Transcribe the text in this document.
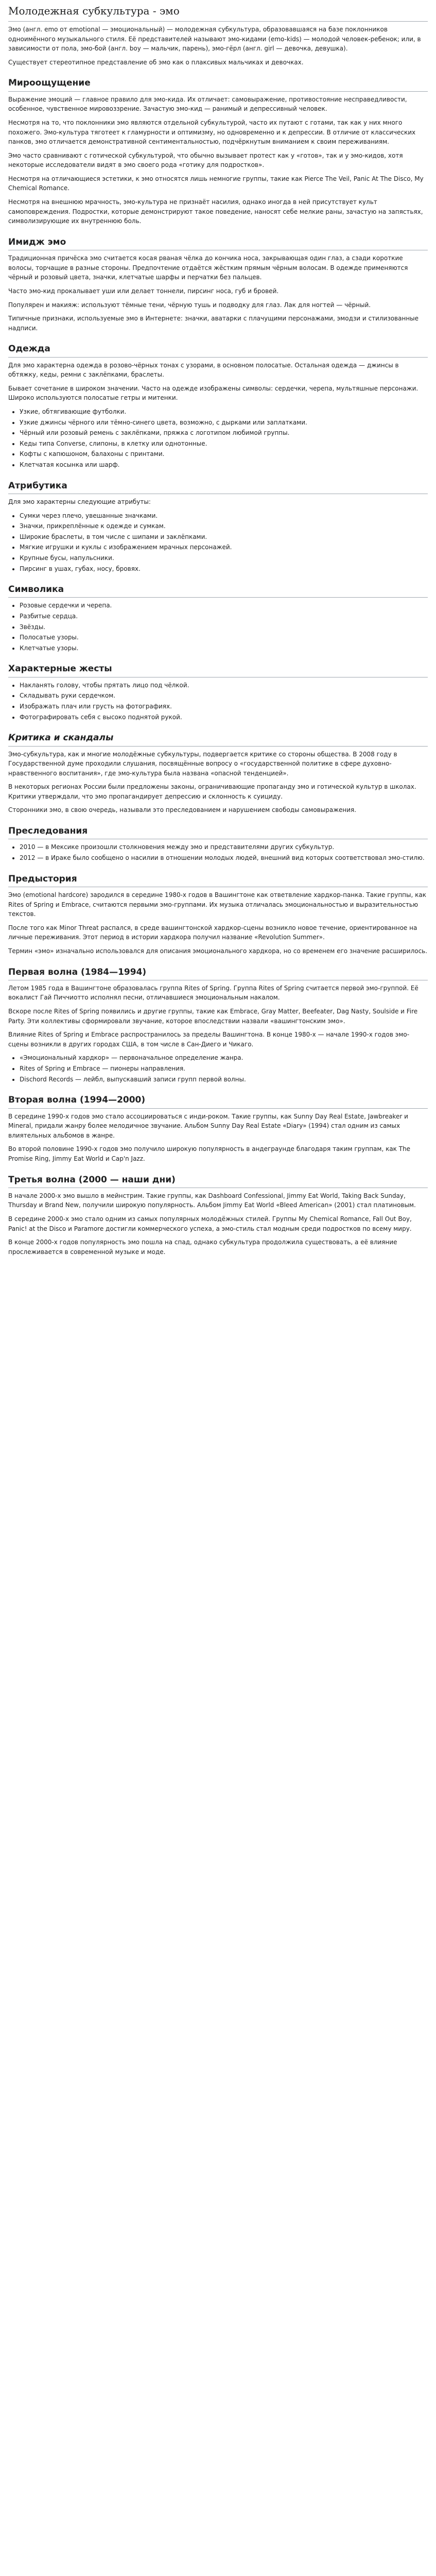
Молодежная субкультура - эмо

Эмо (англ. emo от emotional — эмоциональный) — молодежная субкультура, образовавшаяся на базе поклонников одноимённого музыкального стиля. Её представителей называют эмо-кидами (emo-kids) — молодой человек-ребенок; или, в зависимости от пола, эмо-бой (англ. boy — мальчик, парень), эмо-гёрл (англ. girl — девочка, девушка).

Существует стереотипное представление об эмо как о плаксивых мальчиках и девочках.

Мироощущение

Выражение эмоций — главное правило для эмо-кида. Их отличает: самовыражение, противостояние несправедливости, особенное, чувственное мировоззрение. Зачастую эмо-кид — ранимый и депрессивный человек.

Несмотря на то, что поклонники эмо являются отдельной субкультурой, часто их путают с готами, так как у них много похожего. Эмо-культура тяготеет к гламурности и оптимизму, но одновременно и к депрессии. В отличие от классических панков, эмо отличается демонстративной сентиментальностью, подчёркнутым вниманием к своим переживаниям.

Эмо часто сравнивают с готической субкультурой, что обычно вызывает протест как у «готов», так и у эмо-кидов, хотя некоторые исследователи видят в эмо своего рода «готику для подростков».

Несмотря на отличающиеся эстетики, к эмо относятся лишь немногие группы, такие как Pierce The Veil, Panic At The Disco, My Chemical Romance.

Несмотря на внешнюю мрачность, эмо-культура не признаёт насилия, однако иногда в ней присутствует культ самоповреждения. Подростки, которые демонстрируют такое поведение, наносят себе мелкие раны, зачастую на запястьях, символизирующие их внутреннюю боль.

Имидж эмо

Традиционная причёска эмо считается косая рваная чёлка до кончика носа, закрывающая один глаз, а сзади короткие волосы, торчащие в разные стороны. Предпочтение отдаётся жёстким прямым чёрным волосам. В одежде применяются чёрный и розовый цвета, значки, клетчатые шарфы и перчатки без пальцев.

Часто эмо-кид прокалывает уши или делает тоннели, пирсинг носа, губ и бровей.

Популярен и макияж: используют тёмные тени, чёрную тушь и подводку для глаз. Лак для ногтей — чёрный.

Типичные признаки, используемые эмо в Интернете: значки, аватарки с плачущими персонажами, эмодзи и стилизованные надписи.

Одежда

Для эмо характерна одежда в розово-чёрных тонах с узорами, в основном полосатые. Остальная одежда — джинсы в обтяжку, кеды, ремни с заклёпками, браслеты.

Бывает сочетание в широком значении. Часто на одежде изображены символы: сердечки, черепа, мультяшные персонажи. Широко используются полосатые гетры и митенки.

• Узкие, обтягивающие футболки.
• Узкие джинсы чёрного или тёмно-синего цвета, возможно, с дырками или заплатками.
• Чёрный или розовый ремень с заклёпками, пряжка с логотипом любимой группы.
• Кеды типа Converse, слипоны, в клетку или однотонные.
• Кофты с капюшоном, балахоны с принтами.
• Клетчатая косынка или шарф.
Атрибутика

Для эмо характерны следующие атрибуты:

• Сумки через плечо, увешанные значками.
• Значки, прикреплённые к одежде и сумкам.
• Широкие браслеты, в том числе с шипами и заклёпками.
• Мягкие игрушки и куклы с изображением мрачных персонажей.
• Крупные бусы, напульсники.
• Пирсинг в ушах, губах, носу, бровях.
Символика
• Розовые сердечки и черепа.
• Разбитые сердца.
• Звёзды.
• Полосатые узоры.
• Клетчатые узоры.
Характерные жесты
• Накланять голову, чтобы прятать лицо под чёлкой.
• Складывать руки сердечком.
• Изображать плач или грусть на фотографиях.
• Фотографировать себя с высоко поднятой рукой.
Критика и скандалы

Эмо-субкультура, как и многие молодёжные субкультуры, подвергается критике со стороны общества. В 2008 году в Государственной думе проходили слушания, посвящённые вопросу о «государственной политике в сфере духовно-нравственного воспитания», где эмо-культура была названа «опасной тенденцией».

В некоторых регионах России были предложены законы, ограничивающие пропаганду эмо и готической культур в школах. Критики утверждали, что эмо пропагандирует депрессию и склонность к суициду.

Сторонники эмо, в свою очередь, называли это преследованием и нарушением свободы самовыражения.

Преследования
• 2010 — в Мексике произошли столкновения между эмо и представителями других субкультур.
• 2012 — в Ираке было сообщено о насилии в отношении молодых людей, внешний вид которых соответствовал эмо-стилю.
Предыстория

Эмо (emotional hardcore) зародился в середине 1980-х годов в Вашингтоне как ответвление хардкор-панка. Такие группы, как Rites of Spring и Embrace, считаются первыми эмо-группами. Их музыка отличалась эмоциональностью и выразительностью текстов.

После того как Minor Threat распался, в среде вашингтонской хардкор-сцены возникло новое течение, ориентированное на личные переживания. Этот период в истории хардкора получил название «Revolution Summer».

Термин «эмо» изначально использовался для описания эмоционального хардкора, но со временем его значение расширилось.

Первая волна (1984—1994)

Летом 1985 года в Вашингтоне образовалась группа Rites of Spring. Группа Rites of Spring считается первой эмо-группой. Её вокалист Гай Пиччиотто исполнял песни, отличавшиеся эмоциональным накалом.

Вскоре после Rites of Spring появились и другие группы, такие как Embrace, Gray Matter, Beefeater, Dag Nasty, Soulside и Fire Party. Эти коллективы сформировали звучание, которое впоследствии назвали «вашингтонским эмо».

Влияние Rites of Spring и Embrace распространилось за пределы Вашингтона. В конце 1980-х — начале 1990-х годов эмо-сцены возникли в других городах США, в том числе в Сан-Диего и Чикаго.

• «Эмоциональный хардкор» — первоначальное определение жанра.
• Rites of Spring и Embrace — пионеры направления.
• Dischord Records — лейбл, выпускавший записи групп первой волны.
Вторая волна (1994—2000)

В середине 1990-х годов эмо стало ассоциироваться с инди-роком. Такие группы, как Sunny Day Real Estate, Jawbreaker и Mineral, придали жанру более мелодичное звучание. Альбом Sunny Day Real Estate «Diary» (1994) стал одним из самых влиятельных альбомов в жанре.

Во второй половине 1990-х годов эмо получило широкую популярность в андеграунде благодаря таким группам, как The Promise Ring, Jimmy Eat World и Cap'n Jazz.

Третья волна (2000 — наши дни)

В начале 2000-х эмо вышло в мейнстрим. Такие группы, как Dashboard Confessional, Jimmy Eat World, Taking Back Sunday, Thursday и Brand New, получили широкую популярность. Альбом Jimmy Eat World «Bleed American» (2001) стал платиновым.

В середине 2000-х эмо стало одним из самых популярных молодёжных стилей. Группы My Chemical Romance, Fall Out Boy, Panic! at the Disco и Paramore достигли коммерческого успеха, а эмо-стиль стал модным среди подростков по всему миру.

В конце 2000-х годов популярность эмо пошла на спад, однако субкультура продолжила существовать, а её влияние прослеживается в современной музыке и моде.
